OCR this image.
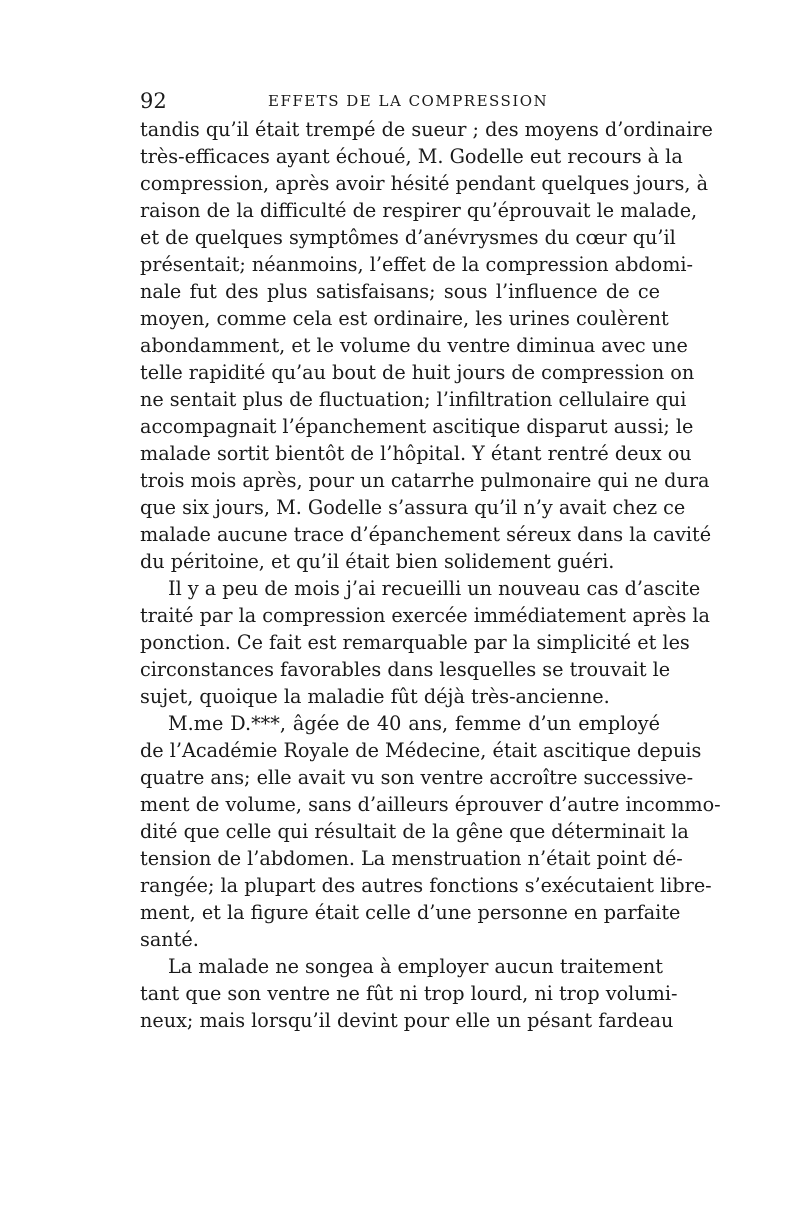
92	EFFETS DE LA COMPRESSION
tandis qu’il était trempé de sueur ; des moyens d’ordinaire
très-efficaces ayant échoué, M. Godelle eut recours à la
compression, après avoir hésité pendant quelques jours, à
raison de la difficulté de respirer qu’éprouvait le malade,
et de quelques symptômes d’anévrysmes du cœur qu’il
présentait; néanmoins, l’effet de la compression abdomi-
nale fut des plus satisfaisans; sous l’influence de ce
moyen, comme cela est ordinaire, les urines coulèrent
abondamment, et le volume du ventre diminua avec une
telle rapidité qu’au bout de huit jours de compression on
ne sentait plus de fluctuation; l’infiltration cellulaire qui
accompagnait l’épanchement ascitique disparut aussi; le
malade sortit bientôt de l’hôpital. Y étant rentré deux ou
trois mois après, pour un catarrhe pulmonaire qui ne dura
que six jours, M. Godelle s’assura qu’il n’y avait chez ce
malade aucune trace d’épanchement séreux dans la cavité
du péritoine, et qu’il était bien solidement guéri.
Il y a peu de mois j’ai recueilli un nouveau cas d’ascite
traité par la compression exercée immédiatement après la
ponction. Ce fait est remarquable par la simplicité et les
circonstances favorables dans lesquelles se trouvait le
sujet, quoique la maladie fût déjà très-ancienne.
M.me D.***, âgée de 40 ans, femme d’un employé
de l’Académie Royale de Médecine, était ascitique depuis
quatre ans; elle avait vu son ventre accroître successive-
ment de volume, sans d’ailleurs éprouver d’autre incommo-
dité que celle qui résultait de la gêne que déterminait la
tension de l’abdomen. La menstruation n’était point dé-
rangée; la plupart des autres fonctions s’exécutaient libre-
ment, et la figure était celle d’une personne en parfaite
santé.
La malade ne songea à employer aucun traitement
tant que son ventre ne fût ni trop lourd, ni trop volumi-
neux; mais lorsqu’il devint pour elle un pésant fardeau
